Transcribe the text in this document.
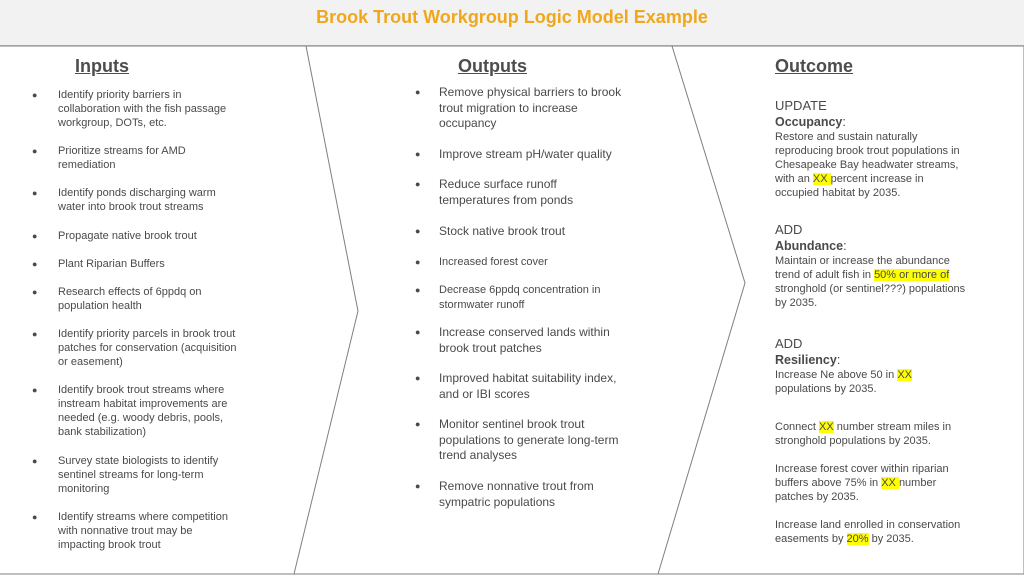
Brook Trout Workgroup Logic Model Example
Inputs	Outputs	Outcome
● Identify priority barriers in
collaboration with the fish passage
workgroup, DOTs, etc.
● Prioritize streams for AMD
remediation
● Identify ponds discharging warm
water into brook trout streams
● Propagate native brook trout
● Plant Riparian Buffers
● Research effects of 6ppdq on
population health
● Identify priority parcels in brook trout
patches for conservation (acquisition
or easement)
● Identify brook trout streams where
instream habitat improvements are
needed (e.g. woody debris, pools,
bank stabilization)
● Survey state biologists to identify
sentinel streams for long-term
monitoring
● Identify streams where competition
with nonnative trout may be
impacting brook trout
● Remove physical barriers to brook
trout migration to increase
occupancy
● Improve stream pH/water quality
● Reduce surface runoff
temperatures from ponds
● Stock native brook trout
● Increased forest cover
● Decrease 6ppdq concentration in
stormwater runoff
● Increase conserved lands within
brook trout patches
● Improved habitat suitability index,
and or IBI scores
● Monitor sentinel brook trout
populations to generate long-term
trend analyses
● Remove nonnative trout from
sympatric populations
UPDATE
Occupancy:
Restore and sustain naturally
reproducing brook trout populations in
Chesapeake Bay headwater streams,
with an XX percent increase in
occupied habitat by 2035.
ADD
Abundance:
Maintain or increase the abundance
trend of adult fish in 50% or more of
stronghold (or sentinel???) populations
by 2035.
ADD
Resiliency:
Increase Ne above 50 in XX
populations by 2035.
Connect XX number stream miles in
stronghold populations by 2035.
Increase forest cover within riparian
buffers above 75% in XX number
patches by 2035.
Increase land enrolled in conservation
easements by 20% by 2035.
